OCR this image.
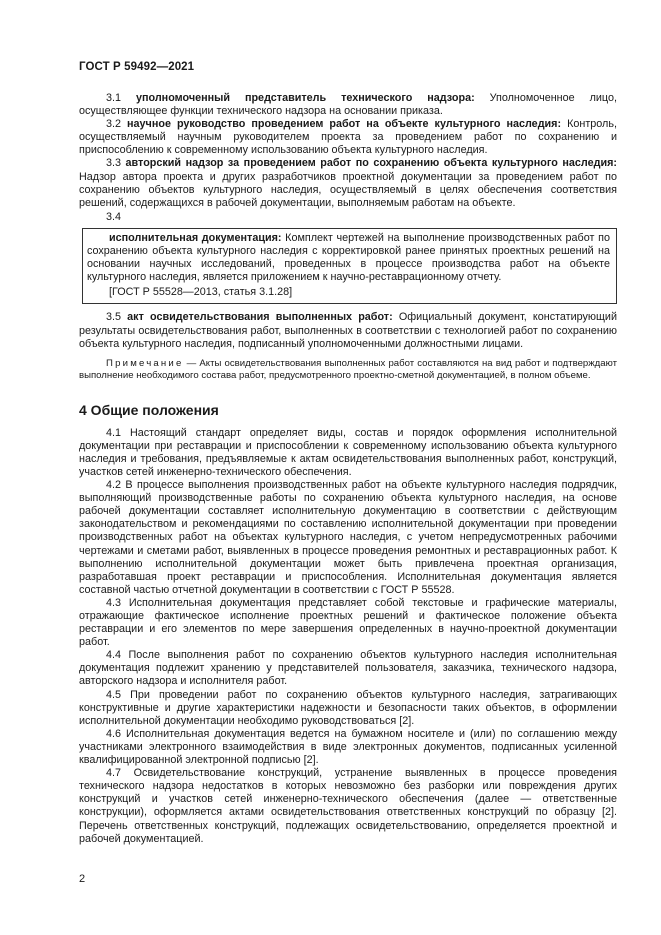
ГОСТ Р 59492—2021

3.1 уполномоченный представитель технического надзора: Уполномоченное лицо, осуществляющее функции технического надзора на основании приказа.

3.2 научное руководство проведением работ на объекте культурного наследия: Контроль, осуществляемый научным руководителем проекта за проведением работ по сохранению и приспособлению к современному использованию объекта культурного наследия.

3.3 авторский надзор за проведением работ по сохранению объекта культурного наследия: Надзор автора проекта и других разработчиков проектной документации за проведением работ по сохранению объектов культурного наследия, осуществляемый в целях обеспечения соответствия решений, содержащихся в рабочей документации, выполняемым работам на объекте.

3.4

исполнительная документация: Комплект чертежей на выполнение производственных работ по сохранению объекта культурного наследия с корректировкой ранее принятых проектных решений на основании научных исследований, проведенных в процессе производства работ на объекте культурного наследия, является приложением к научно-реставрационному отчету.

[ГОСТ Р 55528—2013, статья 3.1.28]

3.5 акт освидетельствования выполненных работ: Официальный документ, констатирующий результаты освидетельствования работ, выполненных в соответствии с технологией работ по сохранению объекта культурного наследия, подписанный уполномоченными должностными лицами.

Примечание — Акты освидетельствования выполненных работ составляются на вид работ и подтверждают выполнение необходимого состава работ, предусмотренного проектно-сметной документацией, в полном объеме.

4 Общие положения

4.1 Настоящий стандарт определяет виды, состав и порядок оформления исполнительной документации при реставрации и приспособлении к современному использованию объекта культурного наследия и требования, предъявляемые к актам освидетельствования выполненных работ, конструкций, участков сетей инженерно-технического обеспечения.

4.2 В процессе выполнения производственных работ на объекте культурного наследия подрядчик, выполняющий производственные работы по сохранению объекта культурного наследия, на основе рабочей документации составляет исполнительную документацию в соответствии с действующим законодательством и рекомендациями по составлению исполнительной документации при проведении производственных работ на объектах культурного наследия, с учетом непредусмотренных рабочими чертежами и сметами работ, выявленных в процессе проведения ремонтных и реставрационных работ. К выполнению исполнительной документации может быть привлечена проектная организация, разработавшая проект реставрации и приспособления. Исполнительная документация является составной частью отчетной документации в соответствии с ГОСТ Р 55528.

4.3 Исполнительная документация представляет собой текстовые и графические материалы, отражающие фактическое исполнение проектных решений и фактическое положение объекта реставрации и его элементов по мере завершения определенных в научно-проектной документации работ.

4.4 После выполнения работ по сохранению объектов культурного наследия исполнительная документация подлежит хранению у представителей пользователя, заказчика, технического надзора, авторского надзора и исполнителя работ.

4.5 При проведении работ по сохранению объектов культурного наследия, затрагивающих конструктивные и другие характеристики надежности и безопасности таких объектов, в оформлении исполнительной документации необходимо руководствоваться [2].

4.6 Исполнительная документация ведется на бумажном носителе и (или) по соглашению между участниками электронного взаимодействия в виде электронных документов, подписанных усиленной квалифицированной электронной подписью [2].

4.7 Освидетельствование конструкций, устранение выявленных в процессе проведения технического надзора недостатков в которых невозможно без разборки или повреждения других конструкций и участков сетей инженерно-технического обеспечения (далее — ответственные конструкции), оформляется актами освидетельствования ответственных конструкций по образцу [2]. Перечень ответственных конструкций, подлежащих освидетельствованию, определяется проектной и рабочей документацией.

2
